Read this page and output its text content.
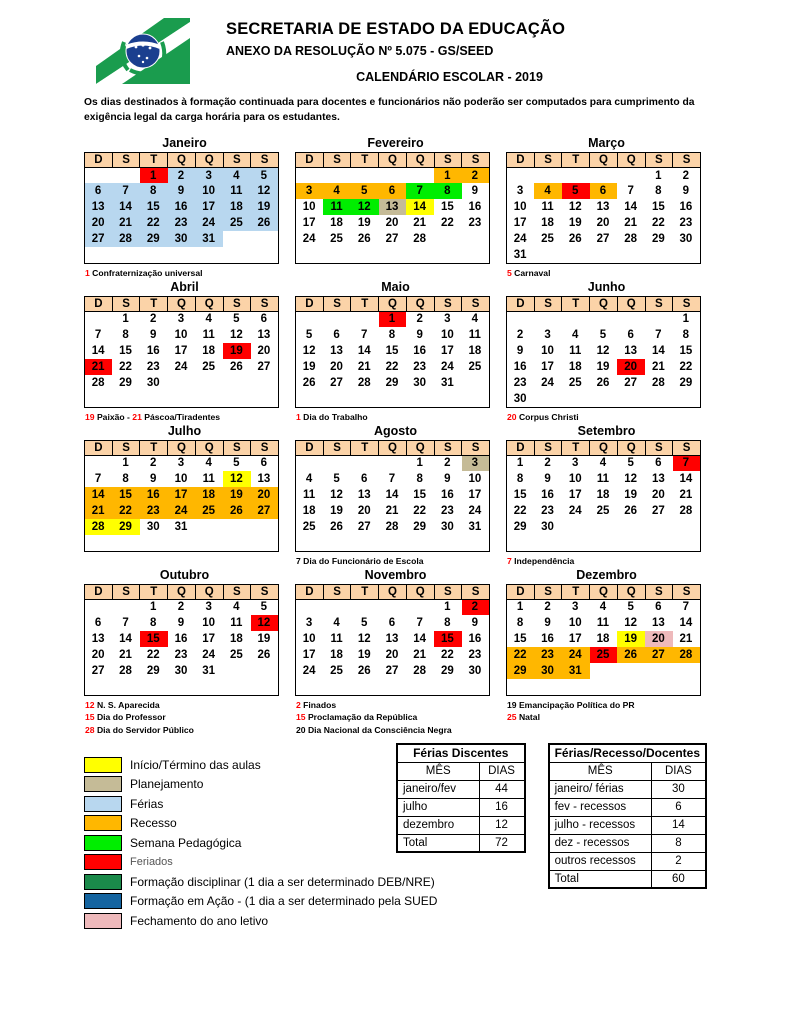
SECRETARIA DE ESTADO DA EDUCAÇÃO
ANEXO DA RESOLUÇÃO Nº 5.075 - GS/SEED
CALENDÁRIO ESCOLAR - 2019
Os dias destinados à formação continuada para docentes e funcionários não poderão ser computados para cumprimento da exigência legal da carga horária para os estudantes.
Janeiro
D	S	T	Q	Q	S	S
		1	2	3	4	5
6	7	8	9	10	11	12
13	14	15	16	17	18	19
20	21	22	23	24	25	26
27	28	29	30	31		

1 Confraternização universal
Fevereiro
D	S	T	Q	Q	S	S
					1	2
3	4	5	6	7	8	9
10	11	12	13	14	15	16
17	18	19	20	21	22	23
24	25	26	27	28		

Março
D	S	T	Q	Q	S	S
					1	2
3	4	5	6	7	8	9
10	11	12	13	14	15	16
17	18	19	20	21	22	23
24	25	26	27	28	29	30
31						
5 Carnaval
Abril
D	S	T	Q	Q	S	S
	1	2	3	4	5	6
7	8	9	10	11	12	13
14	15	16	17	18	19	20
21	22	23	24	25	26	27
28	29	30				

19 Paixão - 21 Páscoa/Tiradentes
Maio
D	S	T	Q	Q	S	S
			1	2	3	4
5	6	7	8	9	10	11
12	13	14	15	16	17	18
19	20	21	22	23	24	25
26	27	28	29	30	31	

1 Dia do Trabalho
Junho
D	S	T	Q	Q	S	S
						1
2	3	4	5	6	7	8
9	10	11	12	13	14	15
16	17	18	19	20	21	22
23	24	25	26	27	28	29
30						
20 Corpus Christi
Julho
D	S	T	Q	Q	S	S
	1	2	3	4	5	6
7	8	9	10	11	12	13
14	15	16	17	18	19	20
21	22	23	24	25	26	27
28	29	30	31			

Agosto
D	S	T	Q	Q	S	S
				1	2	3
4	5	6	7	8	9	10
11	12	13	14	15	16	17
18	19	20	21	22	23	24
25	26	27	28	29	30	31

7 Dia do Funcionário de Escola
Setembro
D	S	T	Q	Q	S	S
1	2	3	4	5	6	7
8	9	10	11	12	13	14
15	16	17	18	19	20	21
22	23	24	25	26	27	28
29	30					

7 Independência
Outubro
D	S	T	Q	Q	S	S
		1	2	3	4	5
6	7	8	9	10	11	12
13	14	15	16	17	18	19
20	21	22	23	24	25	26
27	28	29	30	31		

12 N. S. Aparecida
15 Dia do Professor
28 Dia do Servidor Público
Novembro
D	S	T	Q	Q	S	S
					1	2
3	4	5	6	7	8	9
10	11	12	13	14	15	16
17	18	19	20	21	22	23
24	25	26	27	28	29	30

2 Finados
15 Proclamação da República
20 Dia Nacional da Consciência Negra
Dezembro
D	S	T	Q	Q	S	S
1	2	3	4	5	6	7
8	9	10	11	12	13	14
15	16	17	18	19	20	21
22	23	24	25	26	27	28
29	30	31				

19 Emancipação Política do PR
25 Natal
Início/Término das aulas
Planejamento
Férias
Recesso
Semana Pedagógica
Feriados
Formação disciplinar (1 dia a ser determinado DEB/NRE)
Formação em Ação - (1 dia a ser determinado pela SUED
Fechamento do ano letivo
Férias Discentes	
MÊS	DIAS
janeiro/fev	44
julho	16
dezembro	12
Total	72
Férias/Recesso/Docentes	
MÊS	DIAS
janeiro/ férias	30
fev - recessos	6
julho - recessos	14
dez - recessos	8
outros recessos	2
Total	60
